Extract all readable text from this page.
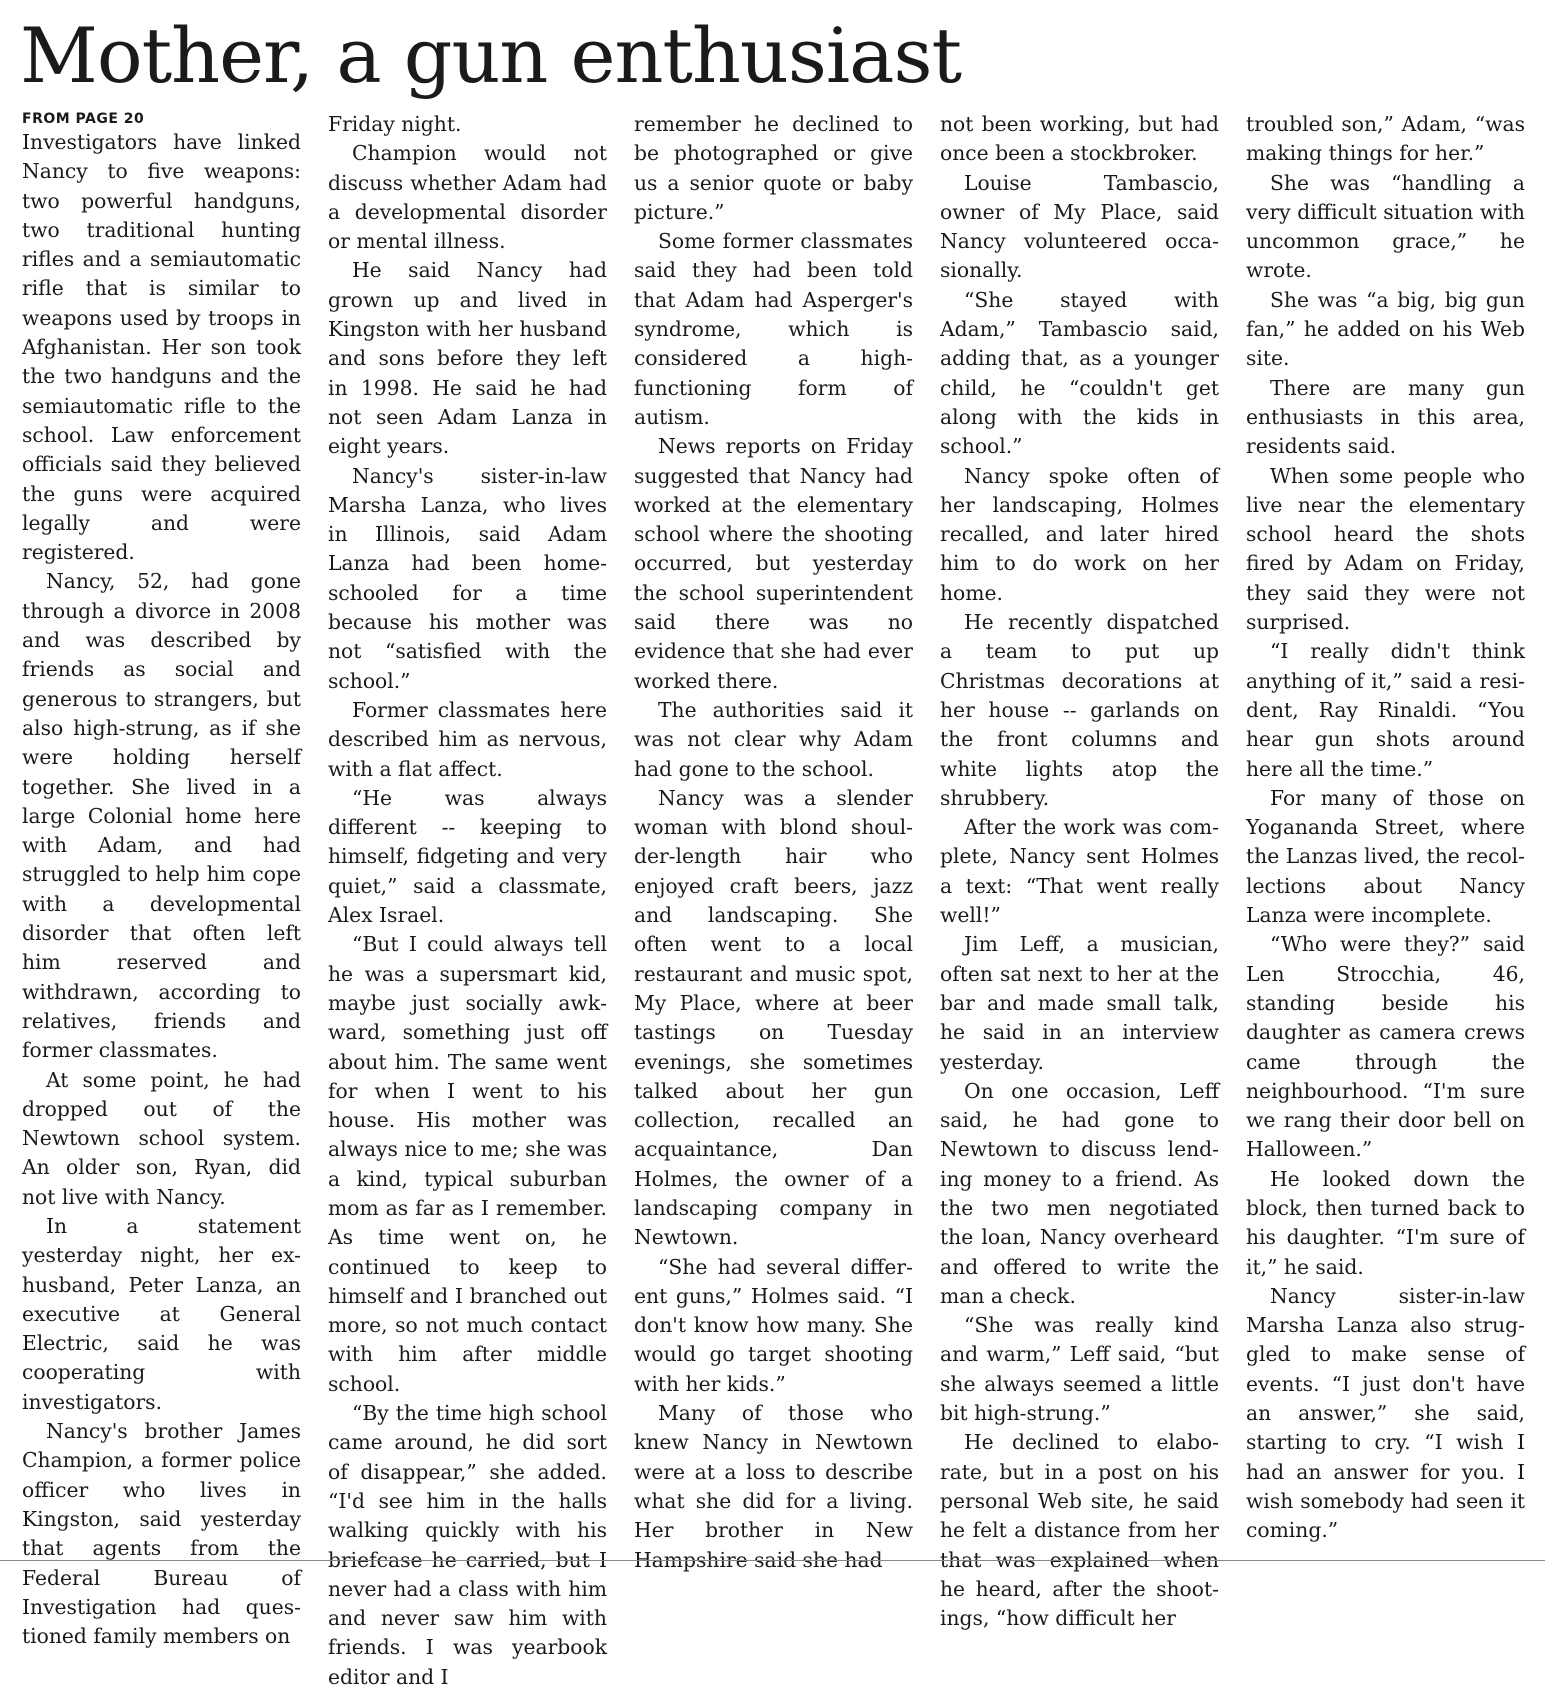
Mother, a gun enthusiast
FROM PAGE 20

Investigators have linked Nancy to five weapons: two powerful handguns, two traditional hunting rifles and a semiautomatic rifle that is similar to weapons used by troops in Afghanistan. Her son took the two handguns and the semiautomatic rifle to the school. Law enforcement officials said they believed the guns were acquired legally and were registered.

Nancy, 52, had gone through a divorce in 2008 and was described by friends as social and generous to strangers, but also high-strung, as if she were holding herself together. She lived in a large Colonial home here with Adam, and had struggled to help him cope with a developmental disorder that often left him reserved and withdrawn, according to relatives, friends and former classmates.

At some point, he had dropped out of the Newtown school system. An older son, Ryan, did not live with Nancy.

In a statement yesterday night, her ex-husband, Peter Lanza, an executive at General Electric, said he was cooperating with investigators.

Nancy's brother James Champion, a former police officer who lives in Kingston, said yesterday that agents from the Federal Bureau of Investigation had questioned family members on

Friday night.

Champion would not discuss whether Adam had a developmental disorder or mental illness.

He said Nancy had grown up and lived in Kingston with her husband and sons before they left in 1998. He said he had not seen Adam Lanza in eight years.

Nancy's sister-in-law Marsha Lanza, who lives in Illinois, said Adam Lanza had been home-schooled for a time because his mother was not “satisfied with the school.”

Former classmates here described him as nervous, with a flat affect.

“He was always different -- keeping to himself, fidgeting and very quiet,” said a classmate, Alex Israel.

“But I could always tell he was a supersmart kid, maybe just socially awkward, something just off about him. The same went for when I went to his house. His mother was always nice to me; she was a kind, typical suburban mom as far as I remember. As time went on, he continued to keep to himself and I branched out more, so not much contact with him after middle school.

“By the time high school came around, he did sort of disappear,” she added. “I'd see him in the halls walking quickly with his briefcase he carried, but I never had a class with him and never saw him with friends. I was yearbook editor and I

remember he declined to be photographed or give us a senior quote or baby picture.”

Some former classmates said they had been told that Adam had Asperger's syndrome, which is considered a high-functioning form of autism.

News reports on Friday suggested that Nancy had worked at the elementary school where the shooting occurred, but yesterday the school superintendent said there was no evidence that she had ever worked there.

The authorities said it was not clear why Adam had gone to the school.

Nancy was a slender woman with blond shoulder-length hair who enjoyed craft beers, jazz and landscaping. She often went to a local restaurant and music spot, My Place, where at beer tastings on Tuesday evenings, she sometimes talked about her gun collection, recalled an acquaintance, Dan Holmes, the owner of a landscaping company in Newtown.

“She had several different guns,” Holmes said. “I don't know how many. She would go target shooting with her kids.”

Many of those who knew Nancy in Newtown were at a loss to describe what she did for a living. Her brother in New Hampshire said she had

not been working, but had once been a stockbroker.

Louise Tambascio, owner of My Place, said Nancy volunteered occasionally.

“She stayed with Adam,” Tambascio said, adding that, as a younger child, he “couldn't get along with the kids in school.”

Nancy spoke often of her landscaping, Holmes recalled, and later hired him to do work on her home.

He recently dispatched a team to put up Christmas decorations at her house -- garlands on the front columns and white lights atop the shrubbery.

After the work was complete, Nancy sent Holmes a text: “That went really well!”

Jim Leff, a musician, often sat next to her at the bar and made small talk, he said in an interview yesterday.

On one occasion, Leff said, he had gone to Newtown to discuss lending money to a friend. As the two men negotiated the loan, Nancy overheard and offered to write the man a check.

“She was really kind and warm,” Leff said, “but she always seemed a little bit high-strung.”

He declined to elaborate, but in a post on his personal Web site, he said he felt a distance from her that was explained when he heard, after the shootings, “how difficult her

troubled son,” Adam, “was making things for her.”

She was “handling a very difficult situation with uncommon grace,” he wrote.

She was “a big, big gun fan,” he added on his Web site.

There are many gun enthusiasts in this area, residents said.

When some people who live near the elementary school heard the shots fired by Adam on Friday, they said they were not surprised.

“I really didn't think anything of it,” said a resident, Ray Rinaldi. “You hear gun shots around here all the time.”

For many of those on Yogananda Street, where the Lanzas lived, the recollections about Nancy Lanza were incomplete.

“Who were they?” said Len Strocchia, 46, standing beside his daughter as camera crews came through the neighbourhood. “I'm sure we rang their door bell on Halloween.”

He looked down the block, then turned back to his daughter. “I'm sure of it,” he said.

Nancy sister-in-law Marsha Lanza also struggled to make sense of events. “I just don't have an answer,” she said, starting to cry. “I wish I had an answer for you. I wish somebody had seen it coming.”
